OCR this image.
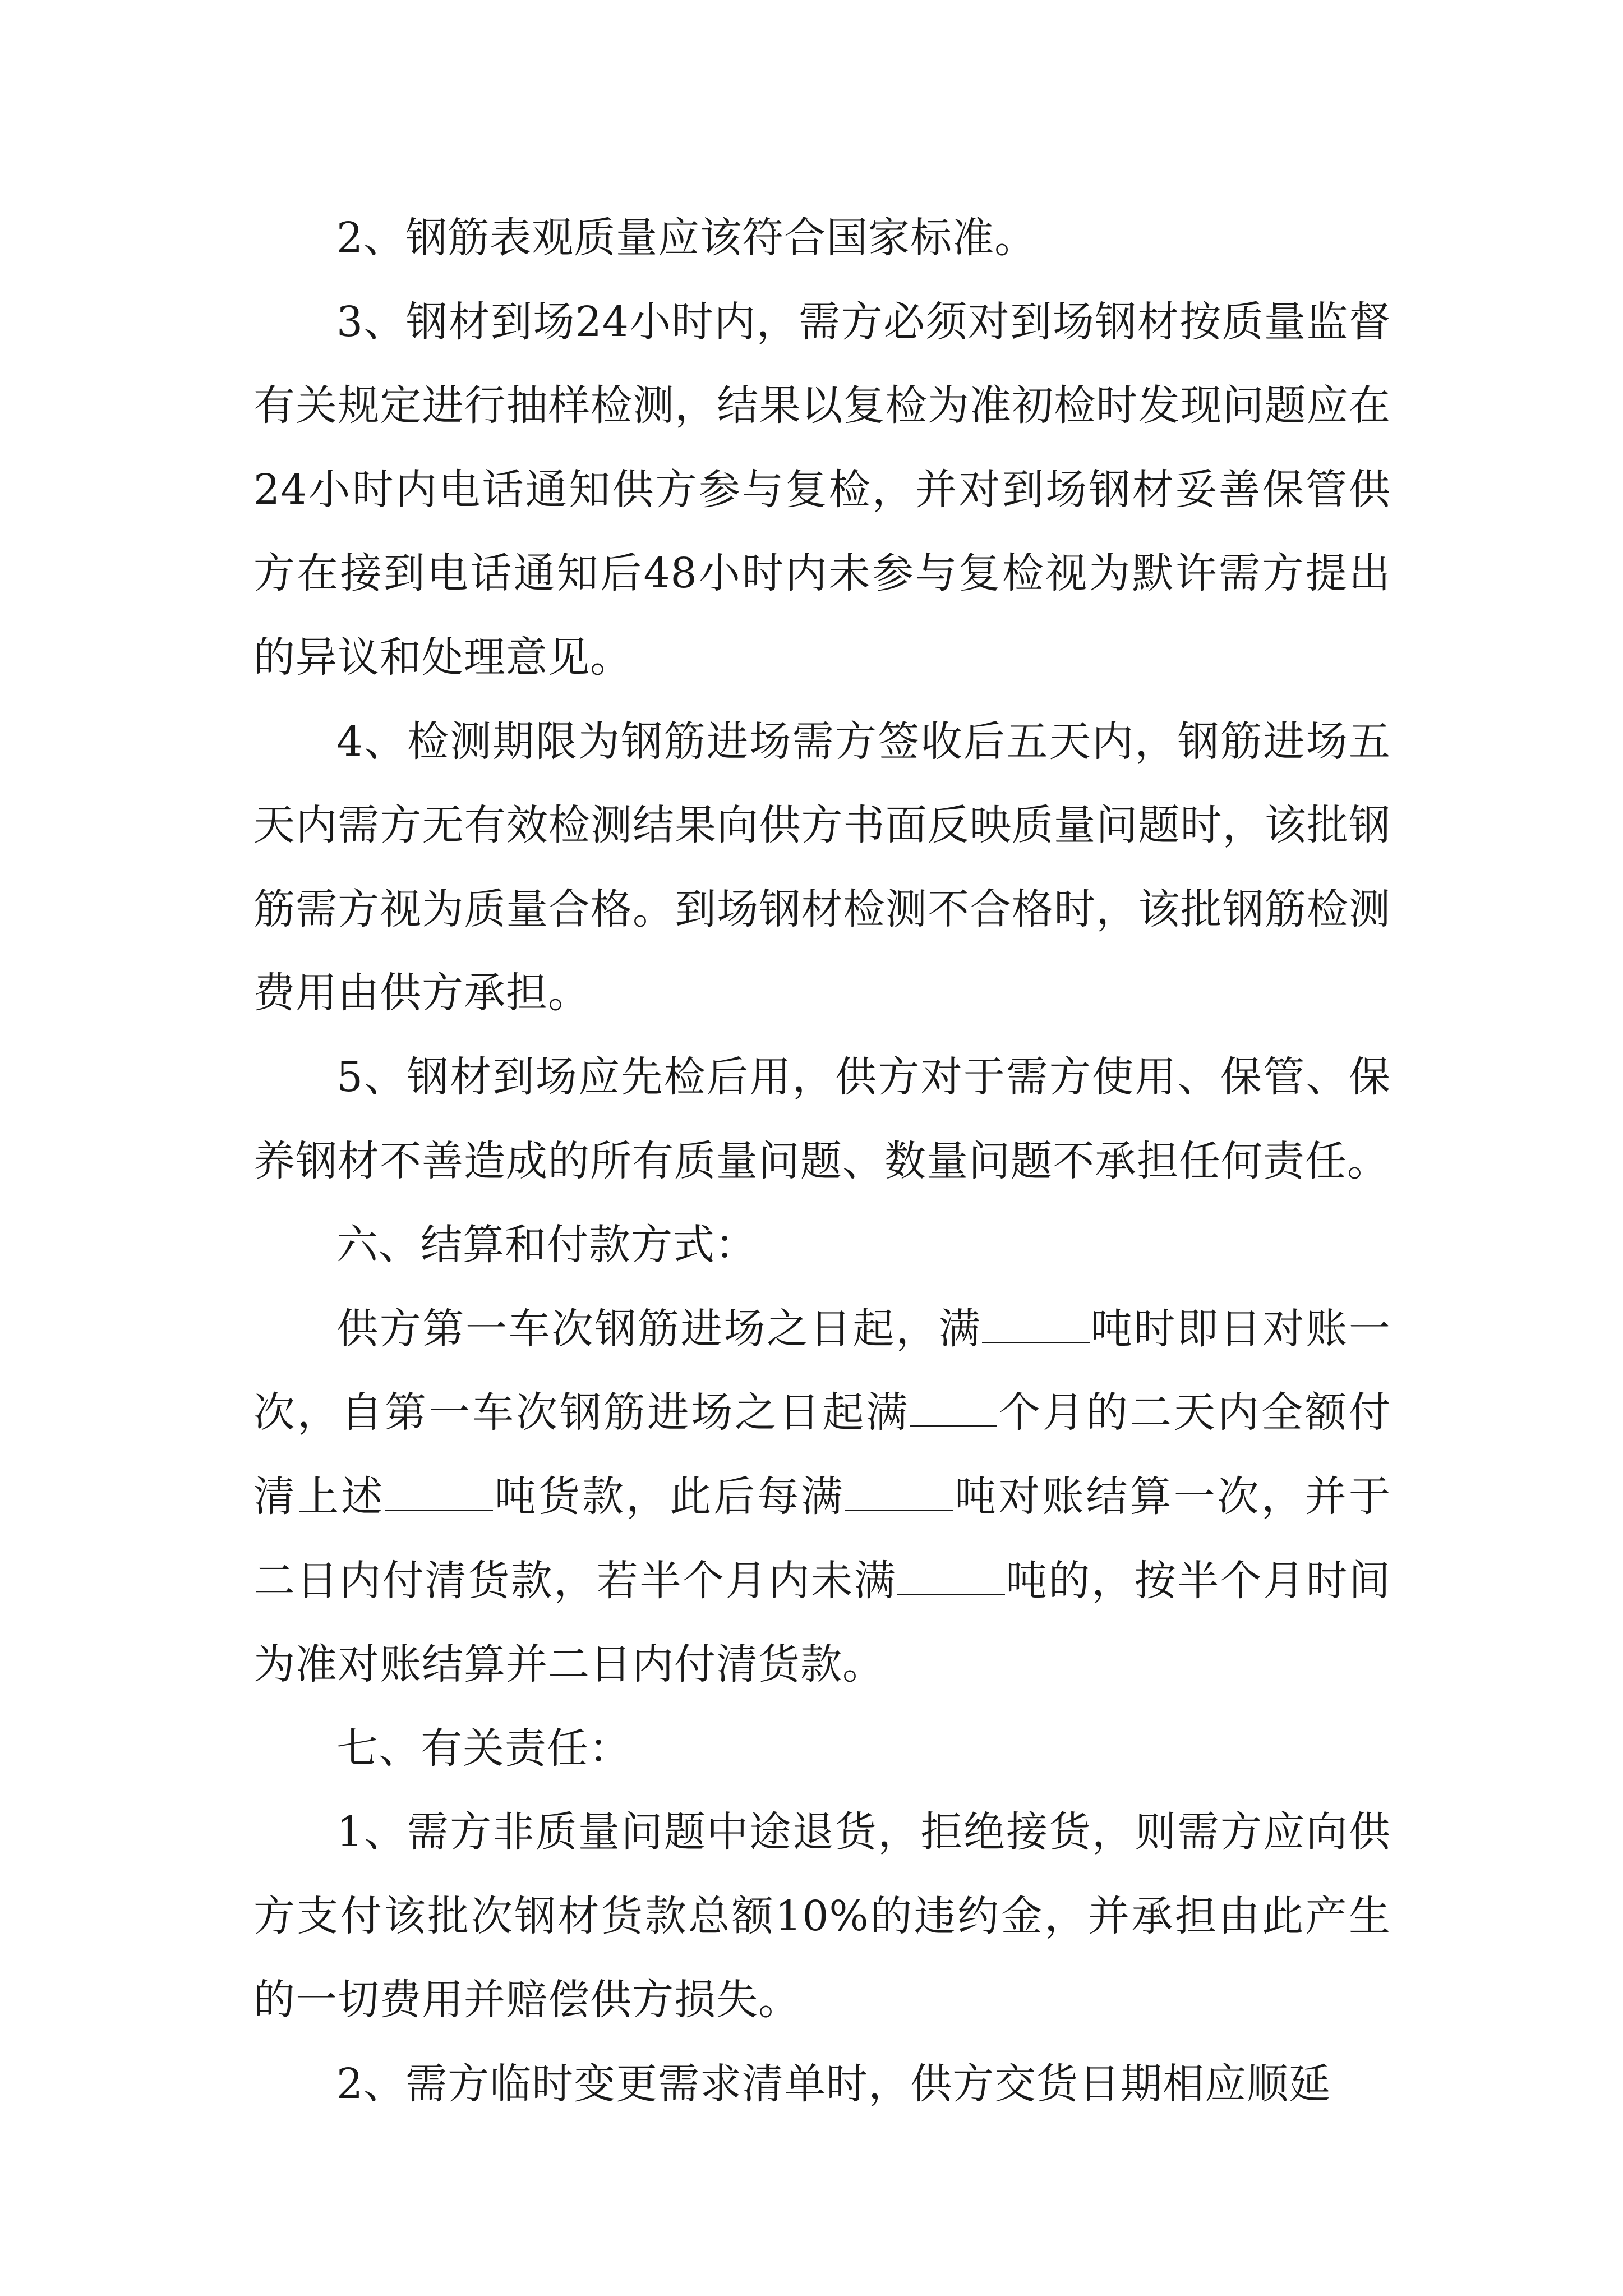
2、钢筋表观质量应该符合国家标准。

3、钢材到场24小时内，需方必须对到场钢材按质量监督有关规定进行抽样检测，结果以复检为准初检时发现问题应在24小时内电话通知供方参与复检，并对到场钢材妥善保管供方在接到电话通知后48小时内未参与复检视为默许需方提出的异议和处理意见。

4、检测期限为钢筋进场需方签收后五天内，钢筋进场五天内需方无有效检测结果向供方书面反映质量问题时，该批钢筋需方视为质量合格。到场钢材检测不合格时，该批钢筋检测费用由供方承担。

5、钢材到场应先检后用，供方对于需方使用、保管、保养钢材不善造成的所有质量问题、数量问题不承担任何责任。

六、结算和付款方式：

供方第一车次钢筋进场之日起，满	吨时即日对账一次，自第一车次钢筋进场之日起满 个月的二天内全额付清上述	吨货款，此后每满	吨对账结算一次，并于二日内付清货款，若半个月内未满	吨的，按半个月时间为准对账结算并二日内付清货款。

七、有关责任：

1、需方非质量问题中途退货，拒绝接货，则需方应向供方支付该批次钢材货款总额10%的违约金，并承担由此产生的一切费用并赔偿供方损失。

2、需方临时变更需求清单时，供方交货日期相应顺延
